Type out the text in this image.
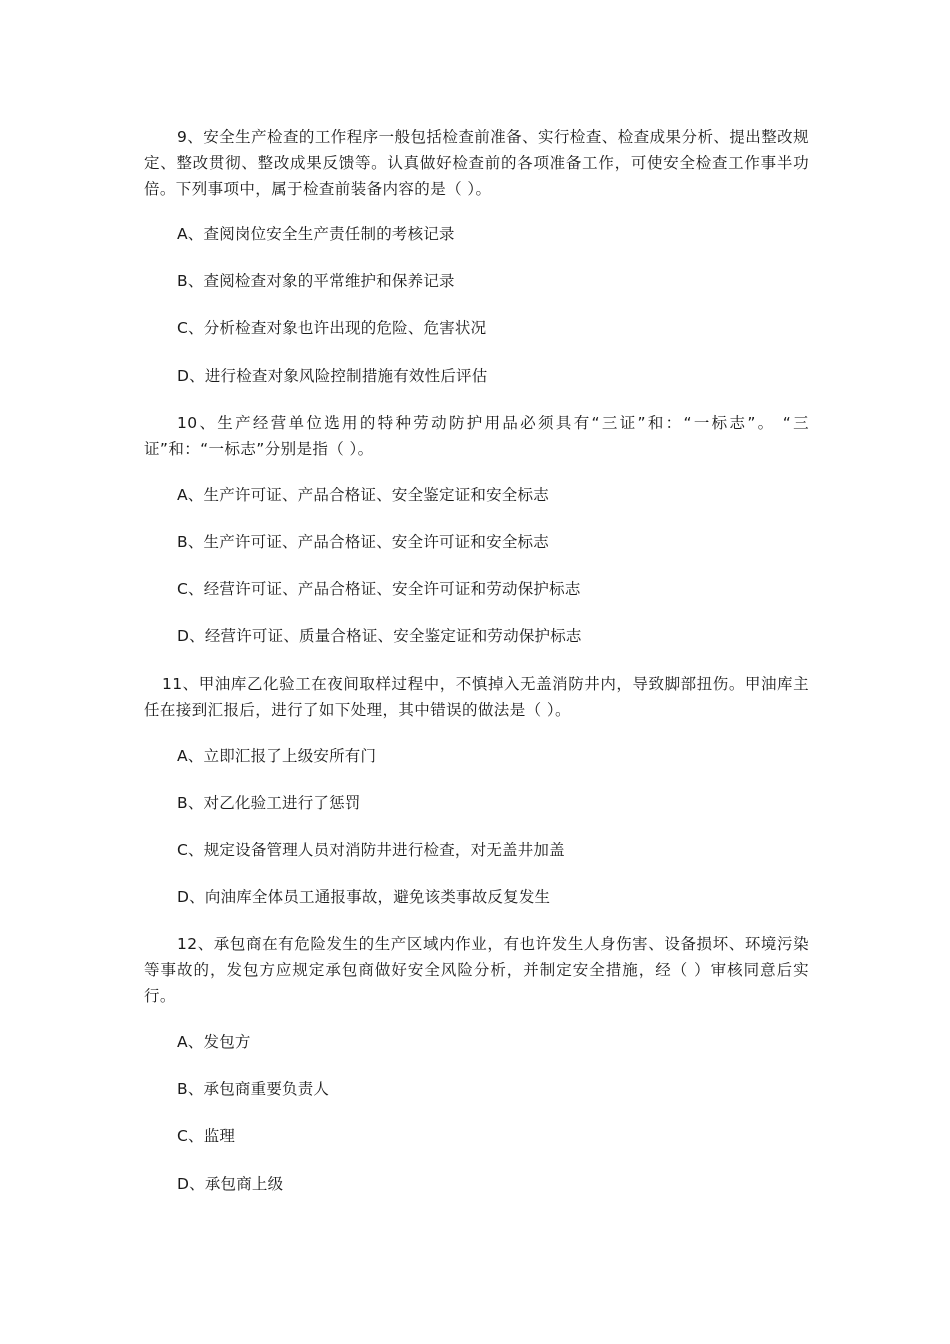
9、安全生产检查的工作程序一般包括检查前准备、实行检查、检查成果分析、提出整改规定、整改贯彻、整改成果反馈等。认真做好检查前的各项准备工作，可使安全检查工作事半功倍。下列事项中，属于检查前装备内容的是（ ）。
A、查阅岗位安全生产责任制的考核记录
B、查阅检查对象的平常维护和保养记录
C、分析检查对象也许出现的危险、危害状况
D、进行检查对象风险控制措施有效性后评估
10、生产经营单位选用的特种劳动防护用品必须具有“三证”和：“一标志”。 “三证”和：“一标志”分别是指（ ）。
A、生产许可证、产品合格证、安全鉴定证和安全标志
B、生产许可证、产品合格证、安全许可证和安全标志
C、经营许可证、产品合格证、安全许可证和劳动保护标志
D、经营许可证、质量合格证、安全鉴定证和劳动保护标志
11、甲油库乙化验工在夜间取样过程中，不慎掉入无盖消防井内，导致脚部扭伤。甲油库主任在接到汇报后，进行了如下处理，其中错误的做法是（ ）。
A、立即汇报了上级安所有门
B、对乙化验工进行了惩罚
C、规定设备管理人员对消防井进行检查，对无盖井加盖
D、向油库全体员工通报事故，避免该类事故反复发生
12、承包商在有危险发生的生产区域内作业，有也许发生人身伤害、设备损坏、环境污染等事故的，发包方应规定承包商做好安全风险分析，并制定安全措施，经（ ）审核同意后实行。
A、发包方
B、承包商重要负责人
C、监理
D、承包商上级
